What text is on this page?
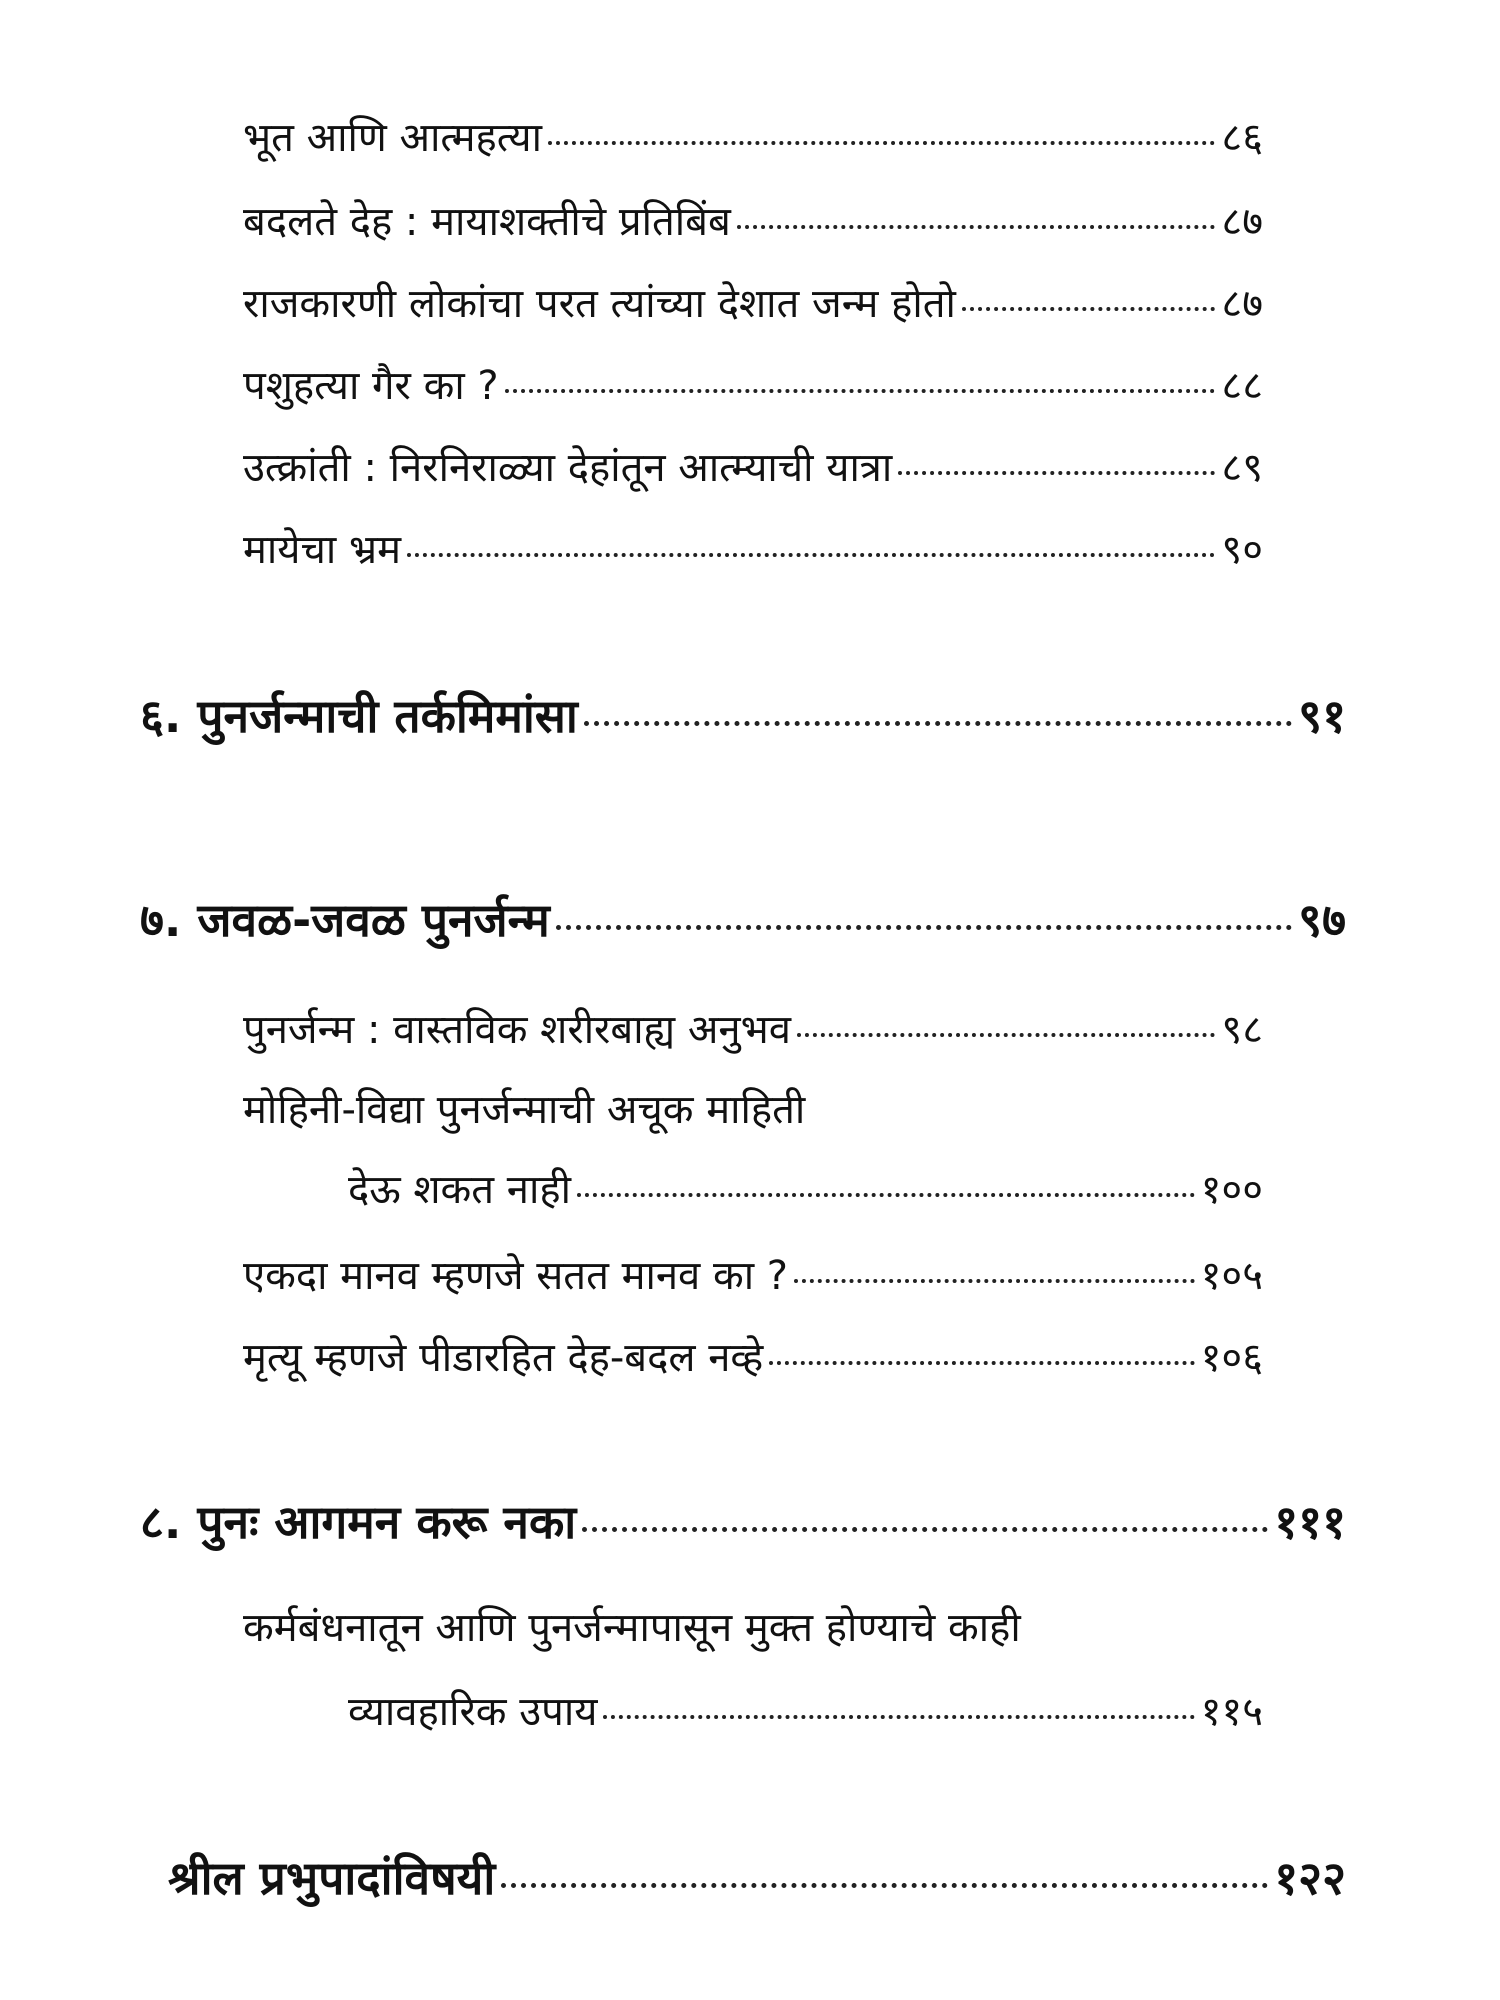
भूत आणि आत्महत्या	८६
बदलते देह : मायाशक्तीचे प्रतिबिंब	८७
राजकारणी लोकांचा परत त्यांच्या देशात जन्म होतो	८७
पशुहत्या गैर का ?	८८
उत्क्रांती : निरनिराळ्या देहांतून आत्म्याची यात्रा	८९
मायेचा भ्रम	९०
६. पुनर्जन्माची तर्कमिमांसा	९१
७. जवळ-जवळ पुनर्जन्म	९७
पुनर्जन्म : वास्तविक शरीरबाह्य अनुभव	९८
मोहिनी-विद्या पुनर्जन्माची अचूक माहिती
देऊ शकत नाही	१००
एकदा मानव म्हणजे सतत मानव का ?	१०५
मृत्यू म्हणजे पीडारहित देह-बदल नव्हे	१०६
८. पुनः आगमन करू नका	१११
कर्मबंधनातून आणि पुनर्जन्मापासून मुक्त होण्याचे काही
व्यावहारिक उपाय	११५
श्रील प्रभुपादांविषयी	१२२
